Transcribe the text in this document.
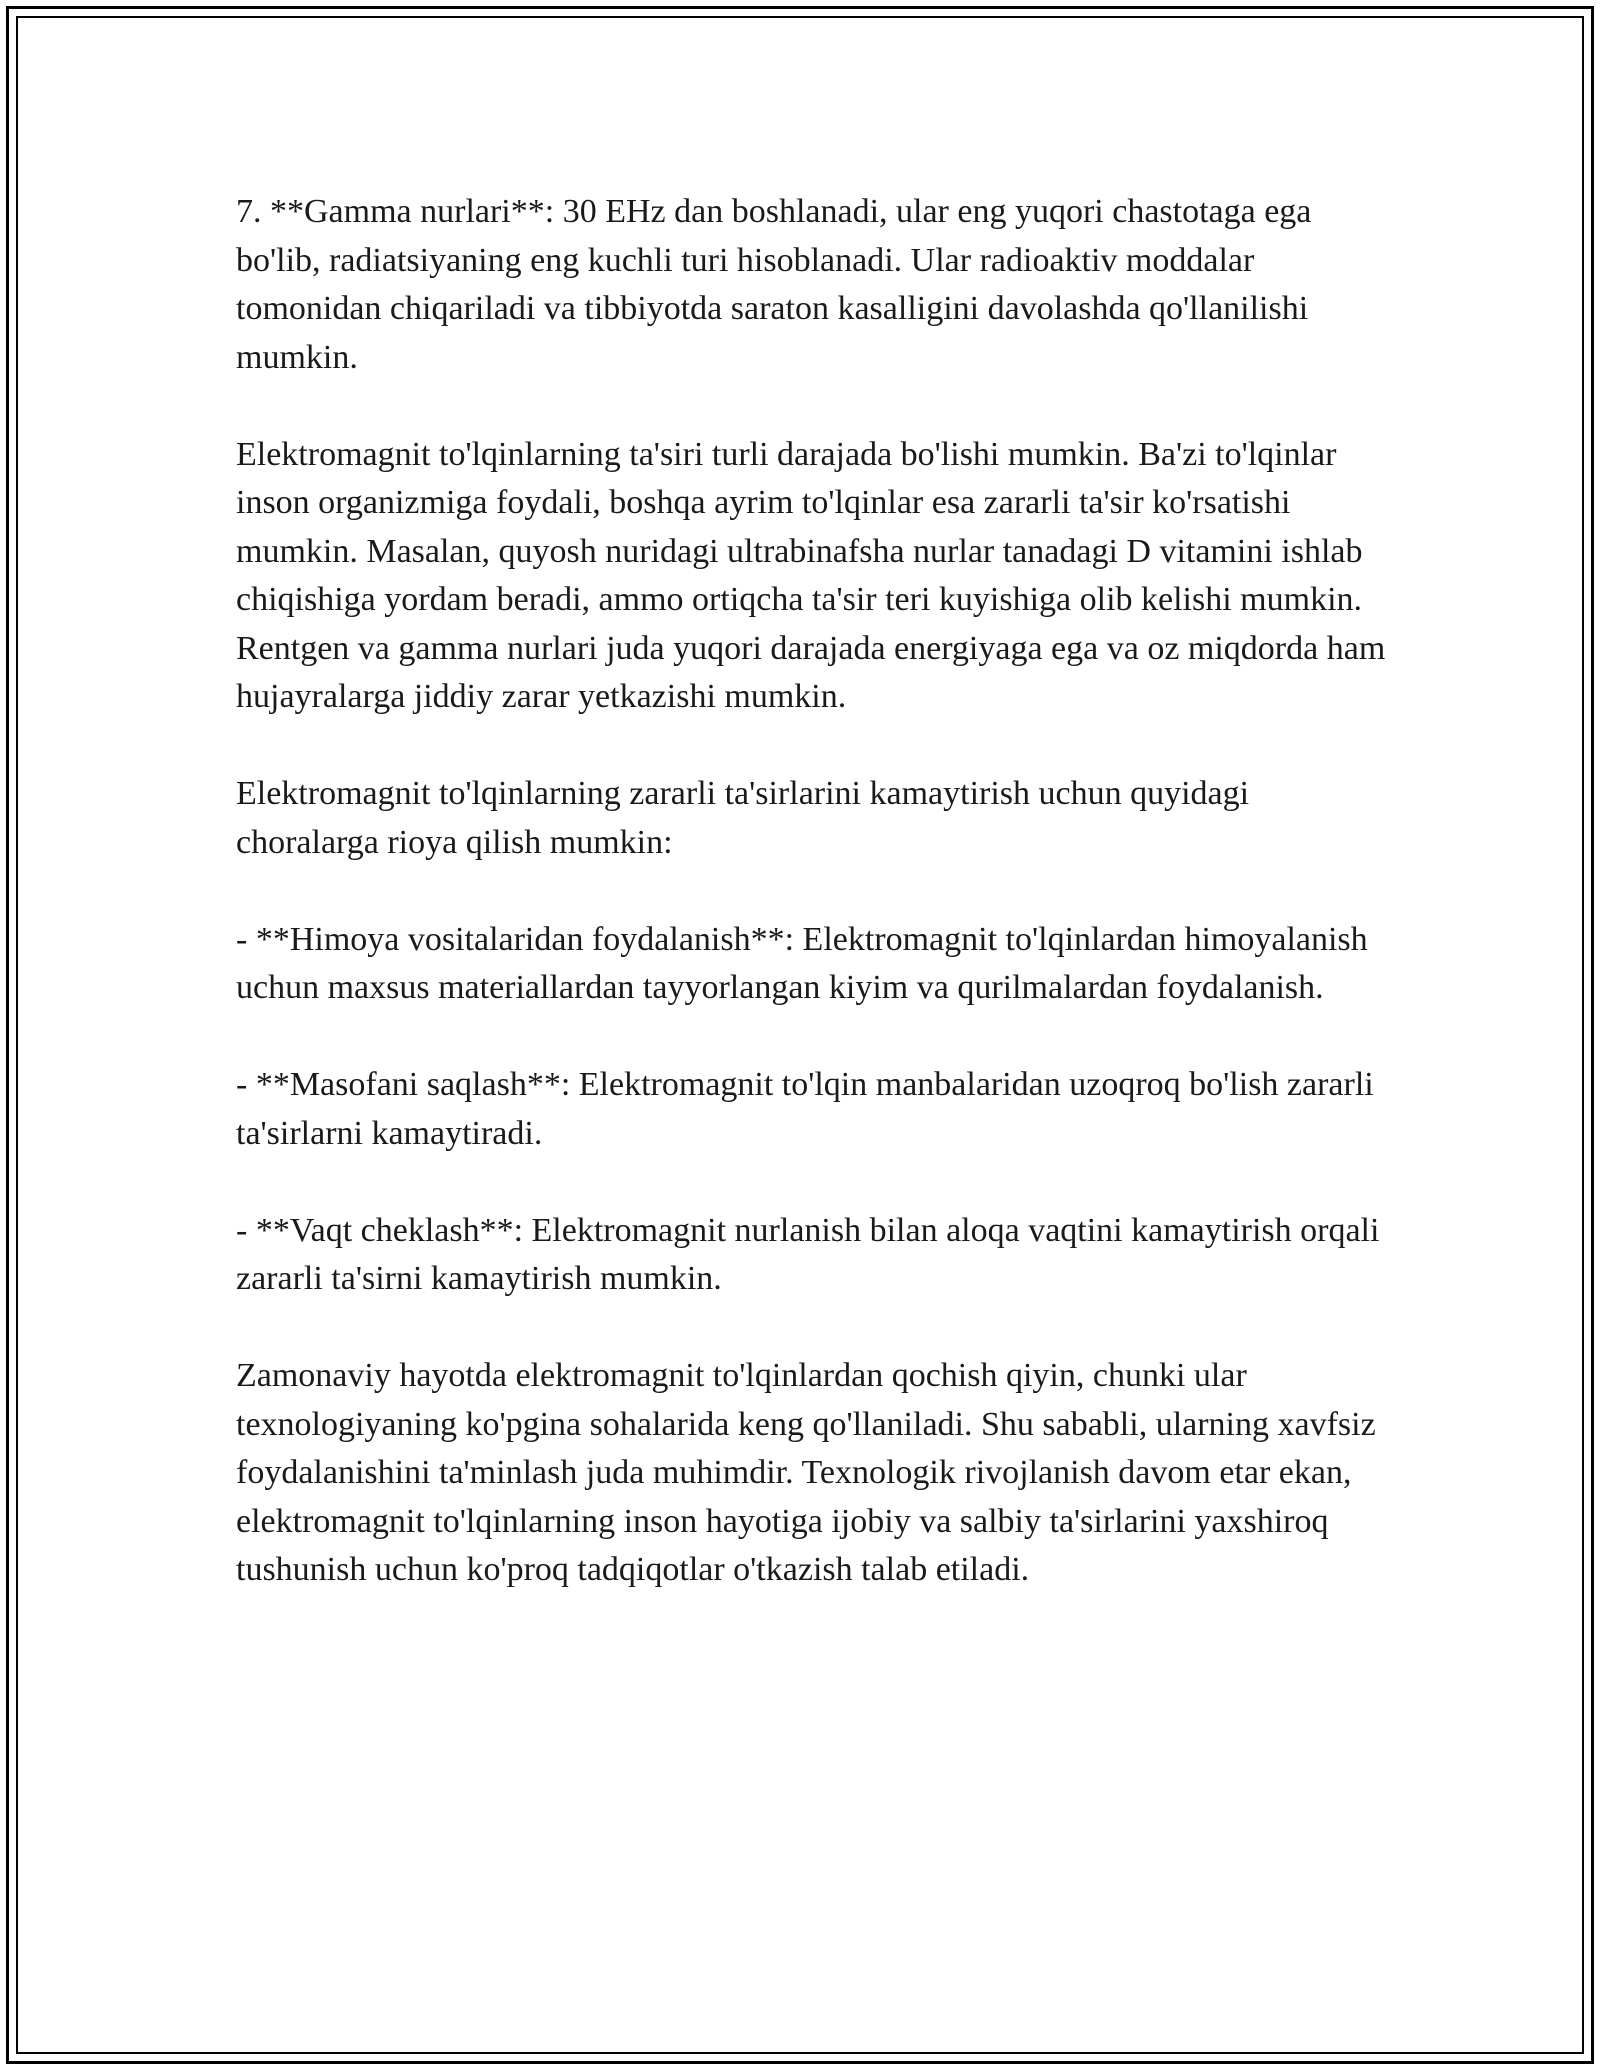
7. **Gamma nurlari**: 30 EHz dan boshlanadi, ular eng yuqori chastotaga ega bo'lib, radiatsiyaning eng kuchli turi hisoblanadi. Ular radioaktiv moddalar tomonidan chiqariladi va tibbiyotda saraton kasalligini davolashda qo'llanilishi mumkin.

Elektromagnit to'lqinlarning ta'siri turli darajada bo'lishi mumkin. Ba'zi to'lqinlar inson organizmiga foydali, boshqa ayrim to'lqinlar esa zararli ta'sir ko'rsatishi mumkin. Masalan, quyosh nuridagi ultrabinafsha nurlar tanadagi D vitamini ishlab chiqishiga yordam beradi, ammo ortiqcha ta'sir teri kuyishiga olib kelishi mumkin. Rentgen va gamma nurlari juda yuqori darajada energiyaga ega va oz miqdorda ham hujayralarga jiddiy zarar yetkazishi mumkin.

Elektromagnit to'lqinlarning zararli ta'sirlarini kamaytirish uchun quyidagi choralarga rioya qilish mumkin:

- **Himoya vositalaridan foydalanish**: Elektromagnit to'lqinlardan himoyalanish uchun maxsus materiallardan tayyorlangan kiyim va qurilmalardan foydalanish.

- **Masofani saqlash**: Elektromagnit to'lqin manbalaridan uzoqroq bo'lish zararli ta'sirlarni kamaytiradi.

- **Vaqt cheklash**: Elektromagnit nurlanish bilan aloqa vaqtini kamaytirish orqali zararli ta'sirni kamaytirish mumkin.

Zamonaviy hayotda elektromagnit to'lqinlardan qochish qiyin, chunki ular texnologiyaning ko'pgina sohalarida keng qo'llaniladi. Shu sababli, ularning xavfsiz foydalanishini ta'minlash juda muhimdir. Texnologik rivojlanish davom etar ekan, elektromagnit to'lqinlarning inson hayotiga ijobiy va salbiy ta'sirlarini yaxshiroq tushunish uchun ko'proq tadqiqotlar o'tkazish talab etiladi.
